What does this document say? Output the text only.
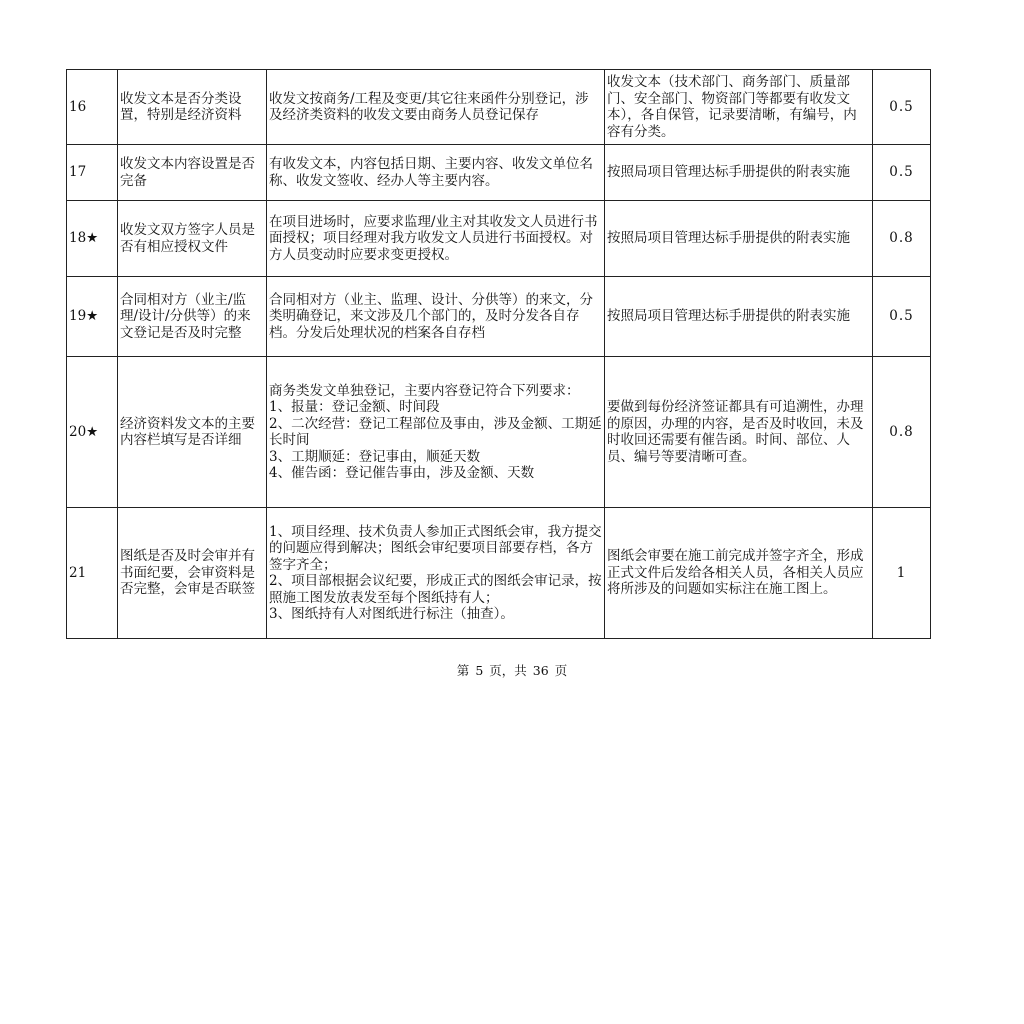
16	收发文本是否分类设置，特别是经济资料	收发文按商务/工程及变更/其它往来函件分别登记，涉及经济类资料的收发文要由商务人员登记保存	收发文本（技术部门、商务部门、质量部门、安全部门、物资部门等都要有收发文本），各自保管，记录要清晰，有编号，内容有分类。	0.5
17	收发文本内容设置是否完备	有收发文本，内容包括日期、主要内容、收发文单位名称、收发文签收、经办人等主要内容。	按照局项目管理达标手册提供的附表实施	0.5
18★	收发文双方签字人员是否有相应授权文件	在项目进场时，应要求监理/业主对其收发文人员进行书面授权；项目经理对我方收发文人员进行书面授权。对方人员变动时应要求变更授权。	按照局项目管理达标手册提供的附表实施	0.8
19★	合同相对方（业主/监理/设计/分供等）的来文登记是否及时完整	合同相对方（业主、监理、设计、分供等）的来文，分类明确登记，来文涉及几个部门的，及时分发各自存档。分发后处理状况的档案各自存档	按照局项目管理达标手册提供的附表实施	0.5
20★	经济资料发文本的主要内容栏填写是否详细	商务类发文单独登记，主要内容登记符合下列要求：
1、报量：登记金额、时间段
2、二次经营：登记工程部位及事由，涉及金额、工期延长时间
3、工期顺延：登记事由，顺延天数
4、催告函：登记催告事由，涉及金额、天数	要做到每份经济签证都具有可追溯性，办理的原因，办理的内容，是否及时收回，未及时收回还需要有催告函。时间、部位、人员、编号等要清晰可查。	0.8
21	图纸是否及时会审并有书面纪要，会审资料是否完整，会审是否联签	1、项目经理、技术负责人参加正式图纸会审，我方提交的问题应得到解决；图纸会审纪要项目部要存档，各方签字齐全；
2、项目部根据会议纪要，形成正式的图纸会审记录，按照施工图发放表发至每个图纸持有人；
3、图纸持有人对图纸进行标注（抽查）。	图纸会审要在施工前完成并签字齐全，形成正式文件后发给各相关人员，各相关人员应将所涉及的问题如实标注在施工图上。	1
第 5 页，共 36 页
